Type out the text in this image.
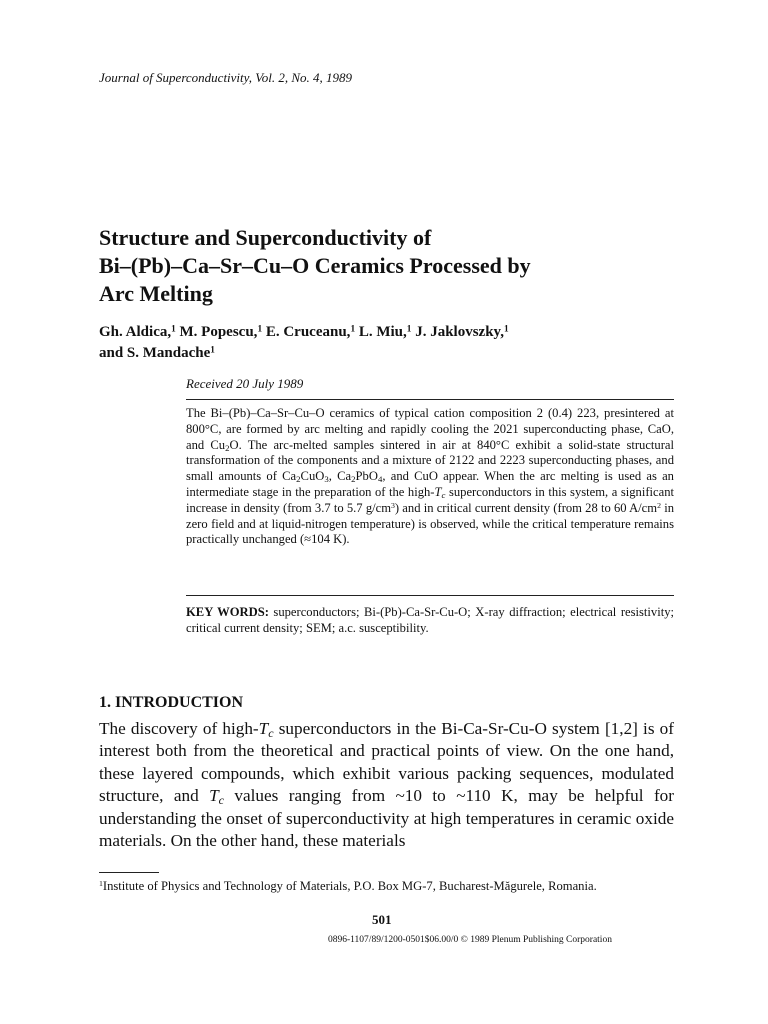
Journal of Superconductivity, Vol. 2, No. 4, 1989
Structure and Superconductivity of
Bi–(Pb)–Ca–Sr–Cu–O Ceramics Processed by
Arc Melting
Gh. Aldica,$^1$ M. Popescu,$^1$ E. Cruceanu,$^1$ L. Miu,$^1$ J. Jaklovszky,$^1$
and S. Mandache$^1$
Received 20 July 1989
The Bi–(Pb)–Ca–Sr–Cu–O ceramics of typical cation composition 2 (0.4) 223, presintered at 800°C, are formed by arc melting and rapidly cooling the 2021 superconducting phase, CaO, and $Cu_2O$. The arc-melted samples sintered in air at 840°C exhibit a solid-state structural transformation of the components and a mixture of 2122 and 2223 superconducting phases, and small amounts of $Ca_2CuO_3$, $Ca_2PbO_4$, and CuO appear. When the arc melting is used as an intermediate stage in the preparation of the high-$T_c$ superconductors in this system, a significant increase in density (from 3.7 to 5.7 $g/cm^3$) and in critical current density (from 28 to 60 $A/cm^2$ in zero field and at liquid-nitrogen temperature) is observed, while the critical temperature remains practically unchanged (≈104 K).
KEY WORDS: superconductors; Bi-(Pb)-Ca-Sr-Cu-O; X-ray diffraction; electrical resistivity; critical current density; SEM; a.c. susceptibility.
1. INTRODUCTION
The discovery of high-$T_c$ superconductors in the Bi-Ca-Sr-Cu-O system [1,2] is of interest both from the theoretical and practical points of view. On the one hand, these layered compounds, which exhibit various packing sequences, modulated structure, and $T_c$ values ranging from ~10 to ~110 K, may be helpful for understanding the onset of superconductivity at high temperatures in ceramic oxide materials. On the other hand, these materials
$^1$Institute of Physics and Technology of Materials, P.O. Box MG-7, Bucharest-Măgurele, Romania.
501
0896-1107/89/1200-0501$06.00/0 © 1989 Plenum Publishing Corporation
